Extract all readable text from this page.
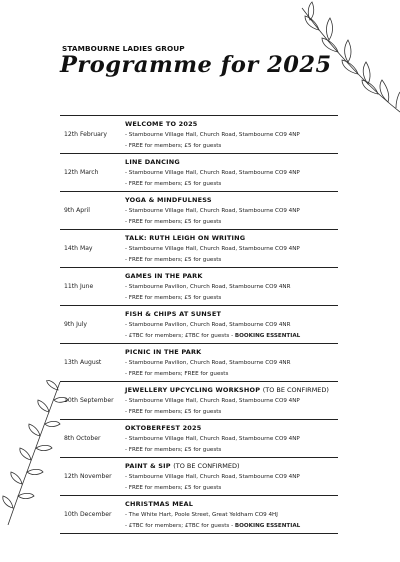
STAMBOURNE LADIES GROUP
Programme for 2025
12th February
WELCOME TO 2025
- Stambourne Village Hall, Church Road, Stambourne CO9 4NP
- FREE for members; £5 for guests
12th March
LINE DANCING
- Stambourne Village Hall, Church Road, Stambourne CO9 4NP
- FREE for members; £5 for guests
9th April
YOGA & MINDFULNESS
- Stambourne Village Hall, Church Road, Stambourne CO9 4NP
- FREE for members; £5 for guests
14th May
TALK: RUTH LEIGH ON WRITING
- Stambourne Village Hall, Church Road, Stambourne CO9 4NP
- FREE for members; £5 for guests
11th June
GAMES IN THE PARK
- Stambourne Pavilion, Church Road, Stambourne CO9 4NR
- FREE for members; £5 for guests
9th July
FISH & CHIPS AT SUNSET
- Stambourne Pavilion, Church Road, Stambourne CO9 4NR
- £TBC for members; £TBC for guests - BOOKING ESSENTIAL
13th August
PICNIC IN THE PARK
- Stambourne Pavilion, Church Road, Stambourne CO9 4NR
- FREE for members; FREE for guests
10th September
JEWELLERY UPCYCLING WORKSHOP (TO BE CONFIRMED)
- Stambourne Village Hall, Church Road, Stambourne CO9 4NP
- FREE for members; £5 for guests
8th October
OKTOBERFEST 2025
- Stambourne Village Hall, Church Road, Stambourne CO9 4NP
- FREE for members; £5 for guests
12th November
PAINT & SIP (TO BE CONFIRMED)
- Stambourne Village Hall, Church Road, Stambourne CO9 4NP
- FREE for members; £5 for guests
10th December
CHRISTMAS MEAL
- The White Hart, Poole Street, Great Yeldham CO9 4HJ
- £TBC for members; £TBC for guests - BOOKING ESSENTIAL
